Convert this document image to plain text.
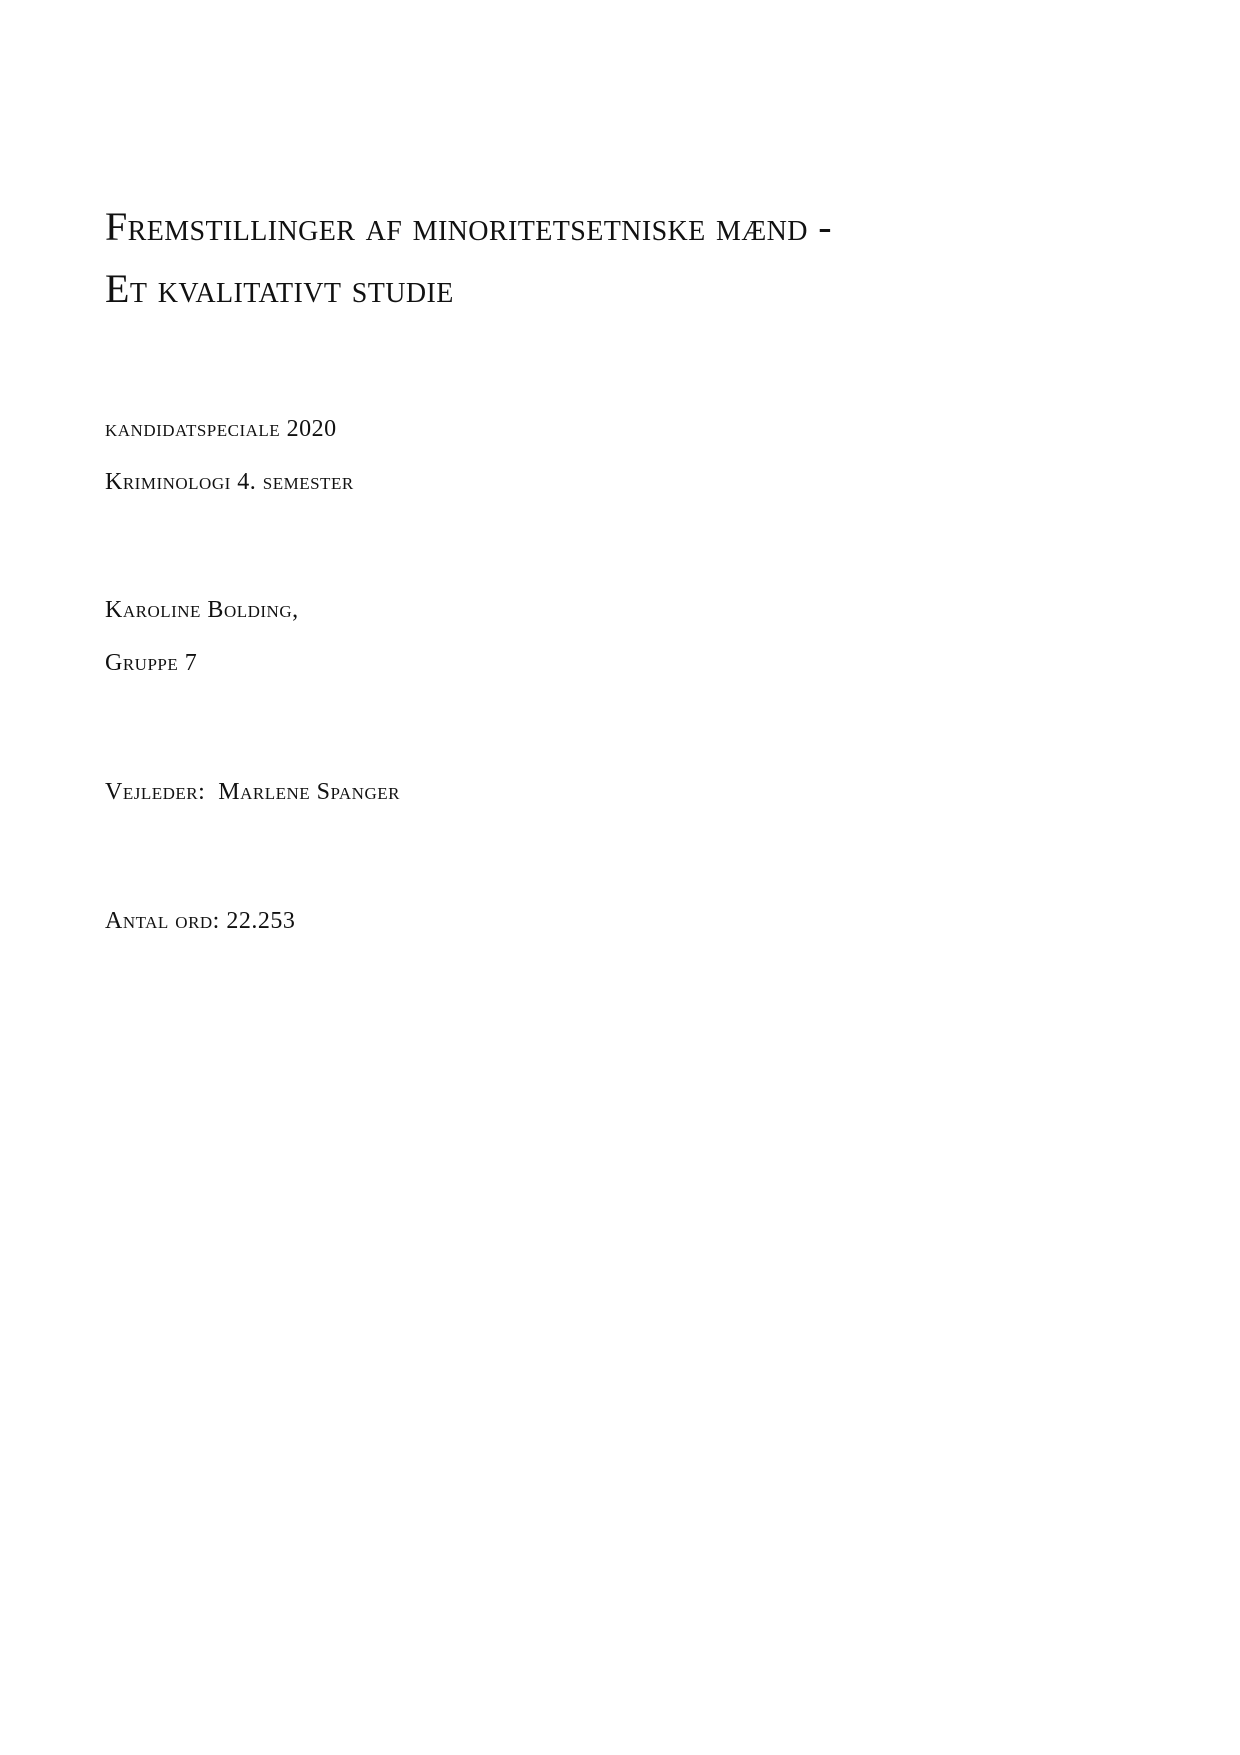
Fremstillinger af minoritetsetniske mænd -
Et kvalitativt studie
kandidatspeciale 2020
Kriminologi 4. semester
Karoline Bolding,
Gruppe 7
Vejleder:  Marlene Spanger
Antal ord: 22.253
